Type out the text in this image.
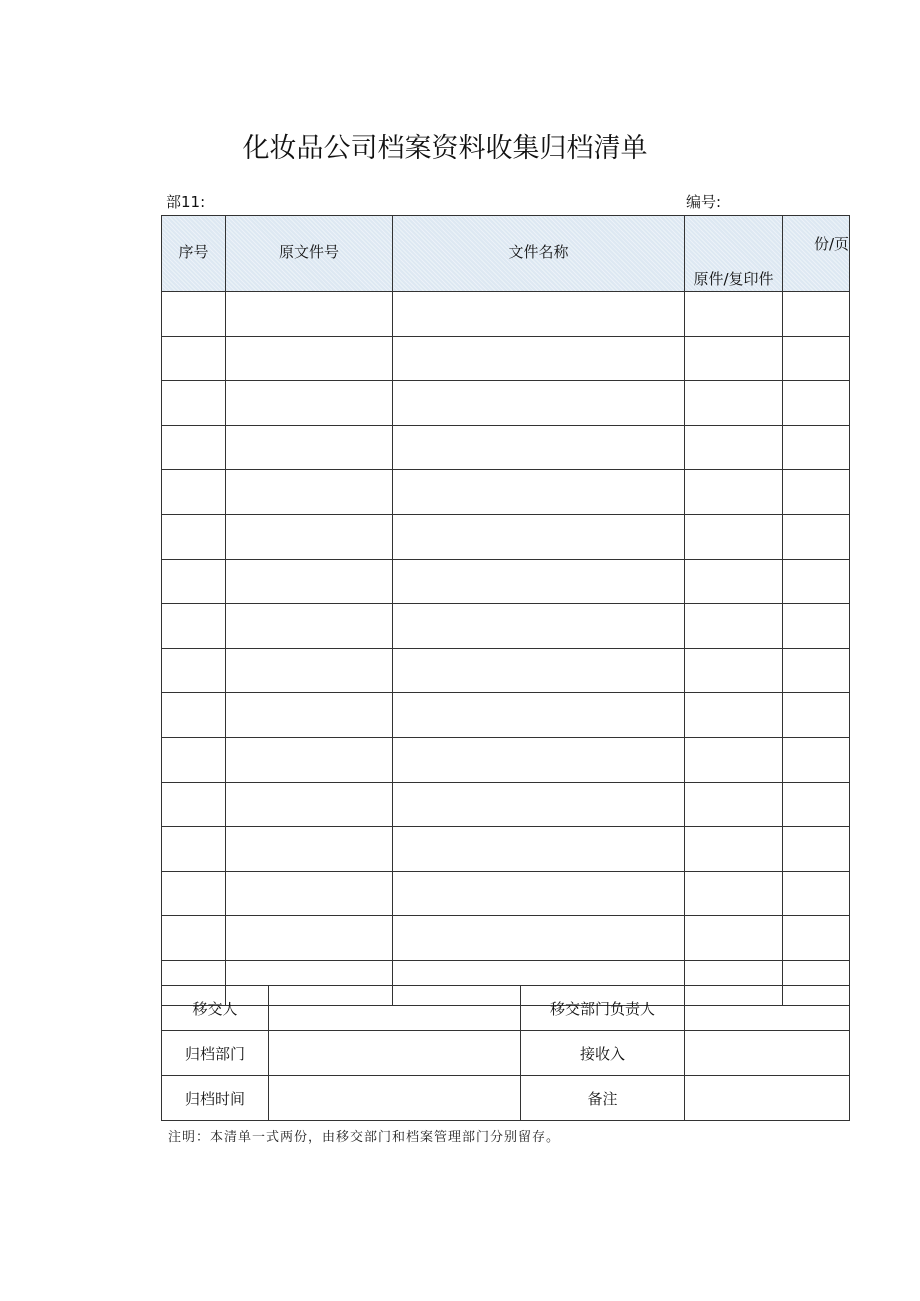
化妆品公司档案资料收集归档清单
部11:	编号:
序号	原文件号	文件名称	原件/复印件	份/页

移交人		移交部门负责人	
归档部门		接收入	
归档时间		备注	
注明：本清单一式两份，由移交部门和档案管理部门分别留存。
